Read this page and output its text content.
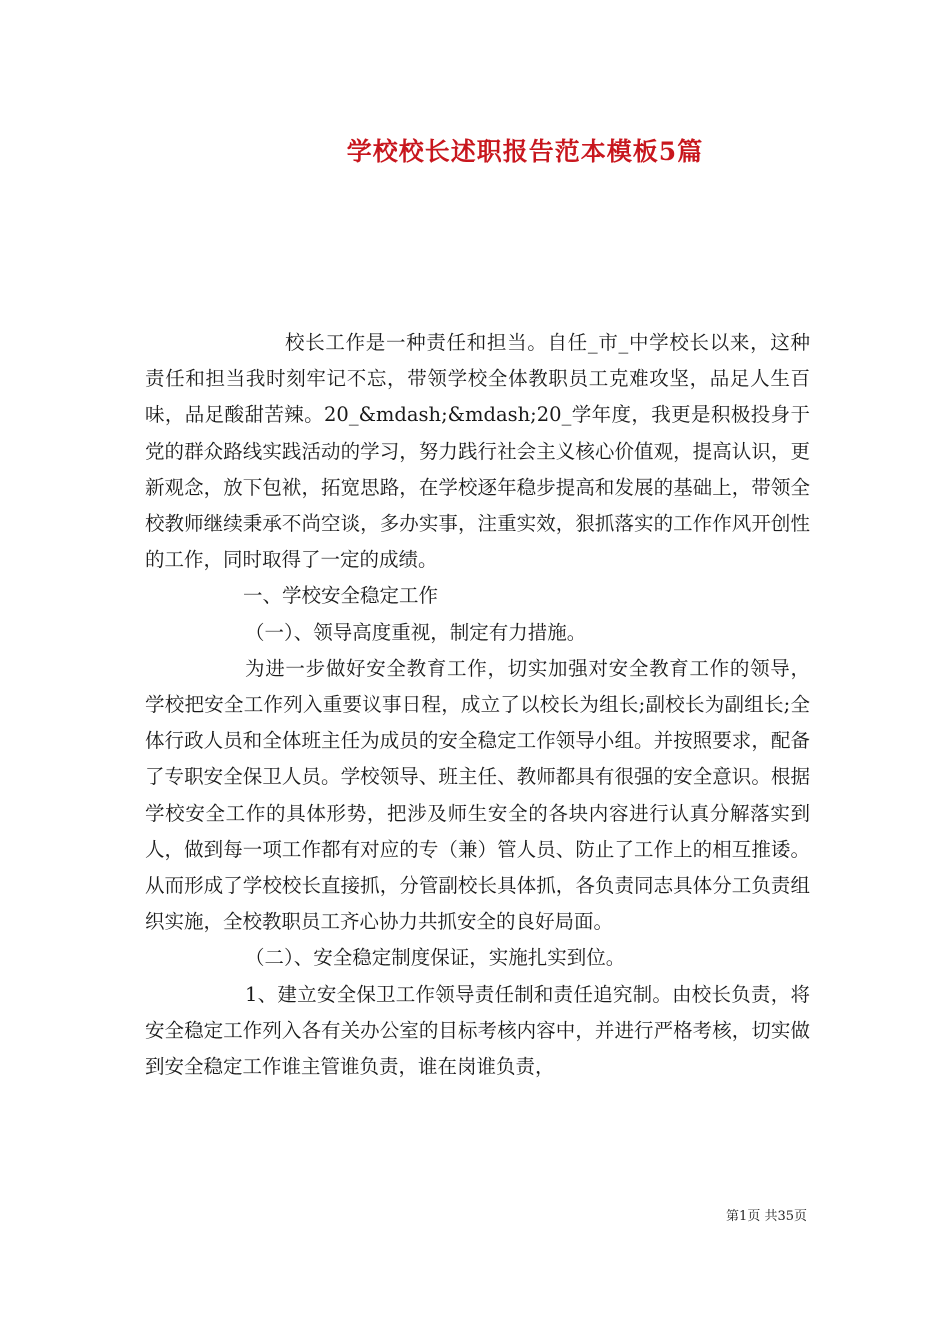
学校校长述职报告范本模板5篇

校长工作是一种责任和担当。自任_市_中学校长以来，这种责任和担当我时刻牢记不忘，带领学校全体教职员工克难攻坚，品足人生百味，品足酸甜苦辣。20_&mdash;&mdash;20_学年度，我更是积极投身于党的群众路线实践活动的学习，努力践行社会主义核心价值观，提高认识，更新观念，放下包袱，拓宽思路，在学校逐年稳步提高和发展的基础上，带领全校教师继续秉承不尚空谈，多办实事，注重实效，狠抓落实的工作作风开创性的工作，同时取得了一定的成绩。

一、学校安全稳定工作

（一）、领导高度重视，制定有力措施。

为进一步做好安全教育工作，切实加强对安全教育工作的领导，学校把安全工作列入重要议事日程，成立了以校长为组长;副校长为副组长;全体行政人员和全体班主任为成员的安全稳定工作领导小组。并按照要求，配备了专职安全保卫人员。学校领导、班主任、教师都具有很强的安全意识。根据学校安全工作的具体形势，把涉及师生安全的各块内容进行认真分解落实到人，做到每一项工作都有对应的专（兼）管人员、防止了工作上的相互推诿。从而形成了学校校长直接抓，分管副校长具体抓，各负责同志具体分工负责组织实施，全校教职员工齐心协力共抓安全的良好局面。

（二）、安全稳定制度保证，实施扎实到位。

1、建立安全保卫工作领导责任制和责任追究制。由校长负责，将安全稳定工作列入各有关办公室的目标考核内容中，并进行严格考核，切实做到安全稳定工作谁主管谁负责，谁在岗谁负责，

第1页 共35页
